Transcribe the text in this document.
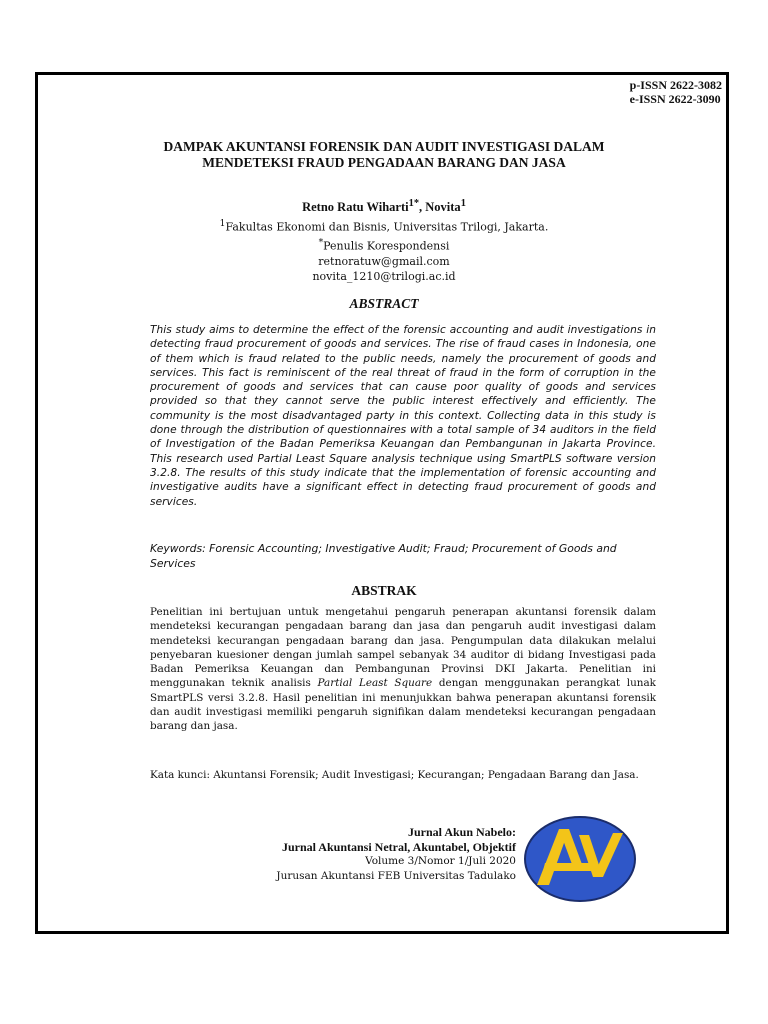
p-ISSN 2622-3082
e-ISSN 2622-3090
DAMPAK AKUNTANSI FORENSIK DAN AUDIT INVESTIGASI DALAM
MENDETEKSI FRAUD PENGADAAN BARANG DAN JASA
Retno Ratu Wiharti$^{1*}$, Novita$^1$
$^1$Fakultas Ekonomi dan Bisnis, Universitas Trilogi, Jakarta.
*Penulis Korespondensi
retnoratuw@gmail.com
novita_1210@trilogi.ac.id
ABSTRACT
This study aims to determine the effect of the forensic accounting and audit investigations in detecting fraud procurement of goods and services. The rise of fraud cases in Indonesia, one of them which is fraud related to the public needs, namely the procurement of goods and services. This fact is reminiscent of the real threat of fraud in the form of corruption in the procurement of goods and services that can cause poor quality of goods and services provided so that they cannot serve the public interest effectively and efficiently. The community is the most disadvantaged party in this context. Collecting data in this study is done through the distribution of questionnaires with a total sample of 34 auditors in the field of Investigation of the Badan Pemeriksa Keuangan dan Pembangunan in Jakarta Province. This research used Partial Least Square analysis technique using SmartPLS software version 3.2.8. The results of this study indicate that the implementation of forensic accounting and investigative audits have a significant effect in detecting fraud procurement of goods and services.
Keywords: Forensic Accounting; Investigative Audit; Fraud; Procurement of Goods and Services
ABSTRAK
Penelitian ini bertujuan untuk mengetahui pengaruh penerapan akuntansi forensik dalam mendeteksi kecurangan pengadaan barang dan jasa dan pengaruh audit investigasi dalam mendeteksi kecurangan pengadaan barang dan jasa. Pengumpulan data dilakukan melalui penyebaran kuesioner dengan jumlah sampel sebanyak 34 auditor di bidang Investigasi pada Badan Pemeriksa Keuangan dan Pembangunan Provinsi DKI Jakarta. Penelitian ini menggunakan teknik analisis Partial Least Square dengan menggunakan perangkat lunak SmartPLS versi 3.2.8. Hasil penelitian ini menunjukkan bahwa penerapan akuntansi forensik dan audit investigasi memiliki pengaruh signifikan dalam mendeteksi kecurangan pengadaan barang dan jasa.
Kata kunci: Akuntansi Forensik; Audit Investigasi; Kecurangan; Pengadaan Barang dan Jasa.
Jurnal Akun Nabelo:
Jurnal Akuntansi Netral, Akuntabel, Objektif
Volume 3/Nomor 1/Juli 2020
Jurusan Akuntansi FEB Universitas Tadulako
